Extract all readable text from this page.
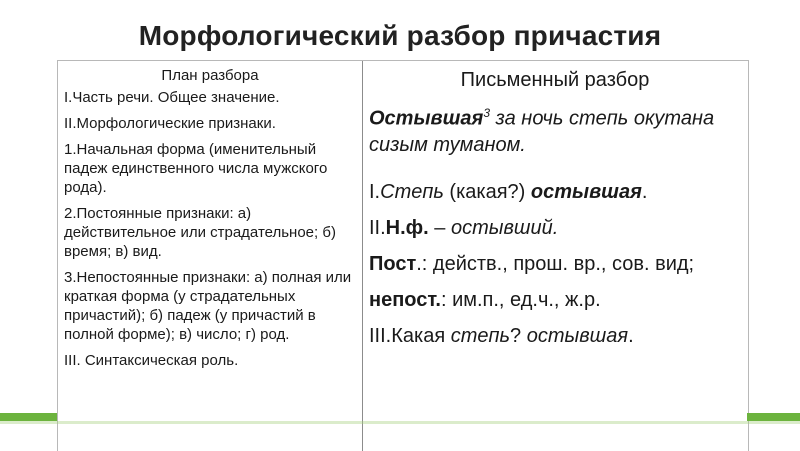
Морфологический разбор причастия
План разбора
I.Часть речи. Общее значение.
II.Морфологические признаки.
1.Начальная форма (именительный падеж единственного числа мужского рода).
2.Постоянные признаки: а) действительное или страдательное; б) время; в) вид.
3.Непостоянные признаки: а) полная или краткая форма (у страдательных причастий); б) падеж (у причастий в полной форме); в) число; г) род.
III. Синтаксическая роль.
Письменный разбор
Остывшая$^3$ за ночь степь окутана сизым туманом.
I.Степь (какая?) остывшая.
II.Н.ф. – остывший.
Пост.: действ., прош. вр., сов. вид;
непост.: им.п., ед.ч., ж.р.
III.Какая степь? остывшая.
